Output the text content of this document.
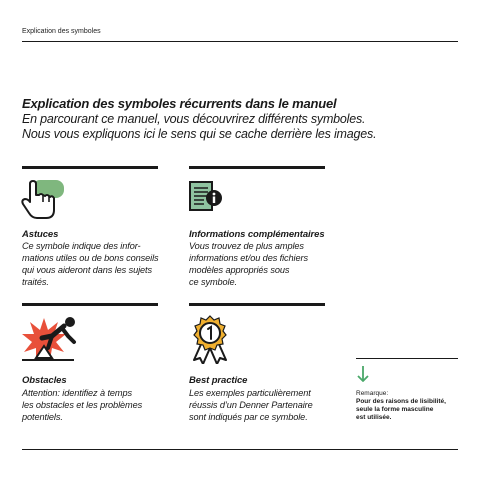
Explication des symboles
Explication des symboles récurrents dans le manuel
En parcourant ce manuel, vous découvrirez différents symboles.
Nous vous expliquons ici le sens qui se cache derrière les images.
Astuces
Ce symbole indique des infor-
mations utiles ou de bons conseils
qui vous aideront dans les sujets
traités.
Informations complémentaires
Vous trouvez de plus amples
informations et/ou des fichiers
modèles appropriés sous
ce symbole.
Obstacles
Attention: identifiez à temps
les obstacles et les problèmes
potentiels.
Best practice
Les exemples particulièrement
réussis d’un Denner Partenaire
sont indiqués par ce symbole.
Remarque:
Pour des raisons de lisibilité,
seule la forme masculine
est utilisée.
